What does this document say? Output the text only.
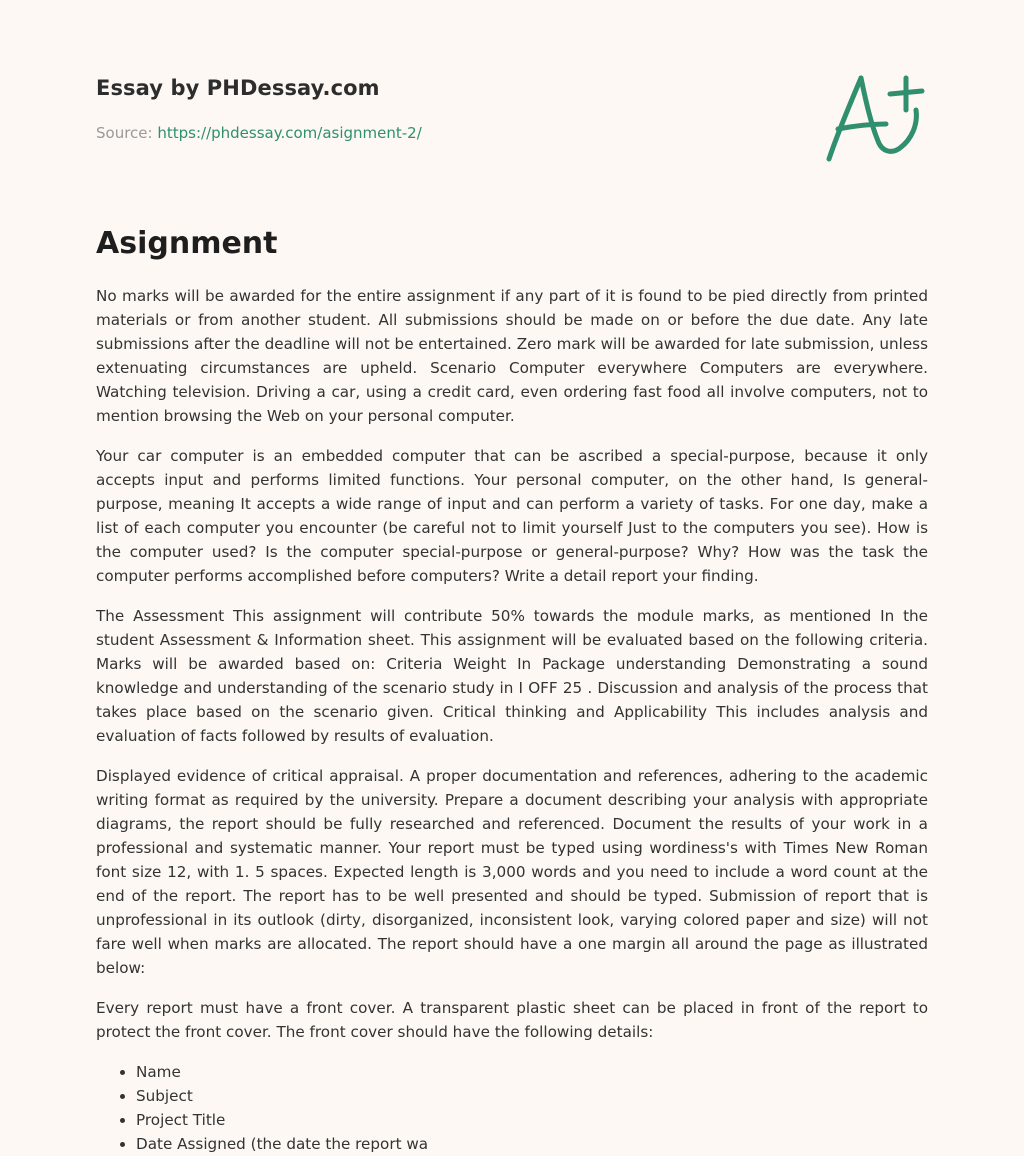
Essay by PHDessay.com
Source: https://phdessay.com/asignment-2/
Asignment

No marks will be awarded for the entire assignment if any part of it is found to be pied directly from printed materials or from another student. All submissions should be made on or before the due date. Any late submissions after the deadline will not be entertained. Zero mark will be awarded for late submission, unless extenuating circumstances are upheld. Scenario Computer everywhere Computers are everywhere. Watching television. Driving a car, using a credit card, even ordering fast food all involve computers, not to mention browsing the Web on your personal computer.

Your car computer is an embedded computer that can be ascribed a special-purpose, because it only accepts input and performs limited functions. Your personal computer, on the other hand, Is general-purpose, meaning It accepts a wide range of input and can perform a variety of tasks. For one day, make a list of each computer you encounter (be careful not to limit yourself Just to the computers you see). How is the computer used? Is the computer special-purpose or general-purpose? Why? How was the task the computer performs accomplished before computers? Write a detail report your finding.

The Assessment This assignment will contribute 50% towards the module marks, as mentioned In the student Assessment & Information sheet. This assignment will be evaluated based on the following criteria. Marks will be awarded based on: Criteria Weight In Package understanding Demonstrating a sound knowledge and understanding of the scenario study in I OFF 25 . Discussion and analysis of the process that takes place based on the scenario given. Critical thinking and Applicability This includes analysis and evaluation of facts followed by results of evaluation.

Displayed evidence of critical appraisal. A proper documentation and references, adhering to the academic writing format as required by the university. Prepare a document describing your analysis with appropriate diagrams, the report should be fully researched and referenced. Document the results of your work in a professional and systematic manner. Your report must be typed using wordiness's with Times New Roman font size 12, with 1. 5 spaces. Expected length is 3,000 words and you need to include a word count at the end of the report. The report has to be well presented and should be typed. Submission of report that is unprofessional in its outlook (dirty, disorganized, inconsistent look, varying colored paper and size) will not fare well when marks are allocated. The report should have a one margin all around the page as illustrated below:

Every report must have a front cover. A transparent plastic sheet can be placed in front of the report to protect the front cover. The front cover should have the following details:

• Name
• Subject
• Project Title
• Date Assigned (the date the report wa
